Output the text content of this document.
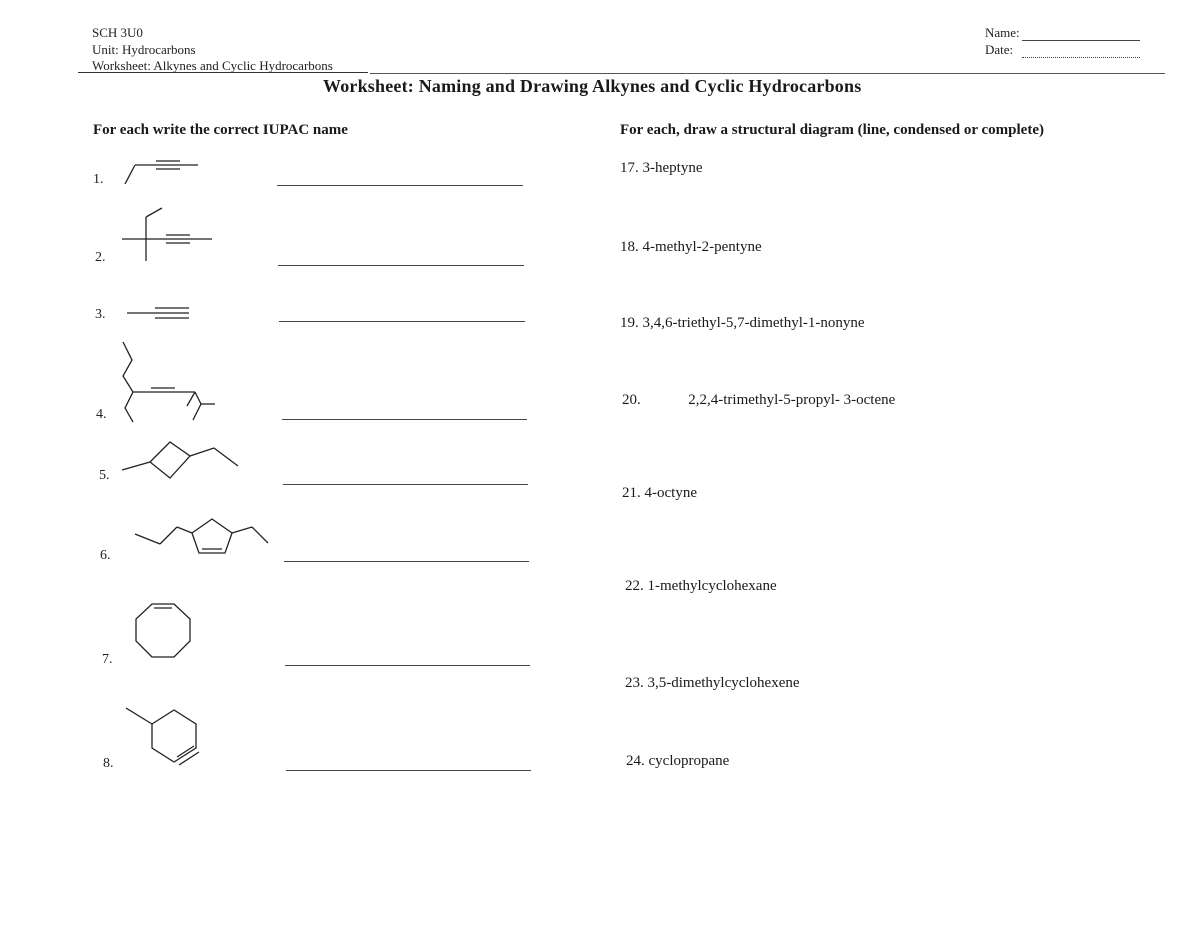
SCH 3U0
Unit: Hydrocarbons
Worksheet: Alkynes and Cyclic Hydrocarbons
Name:
Date:
Worksheet: Naming and Drawing Alkynes and Cyclic Hydrocarbons
For each write the correct IUPAC name	For each, draw a structural diagram (line, condensed or complete)
1.
2.
3.
4.
5.
6.
7.
8.
17. 3-heptyne
18. 4-methyl-2-pentyne
19. 3,4,6-triethyl-5,7-dimethyl-1-nonyne
20.	2,2,4-trimethyl-5-propyl- 3-octene
21. 4-octyne
22. 1-methylcyclohexane
23. 3,5-dimethylcyclohexene
24. cyclopropane
